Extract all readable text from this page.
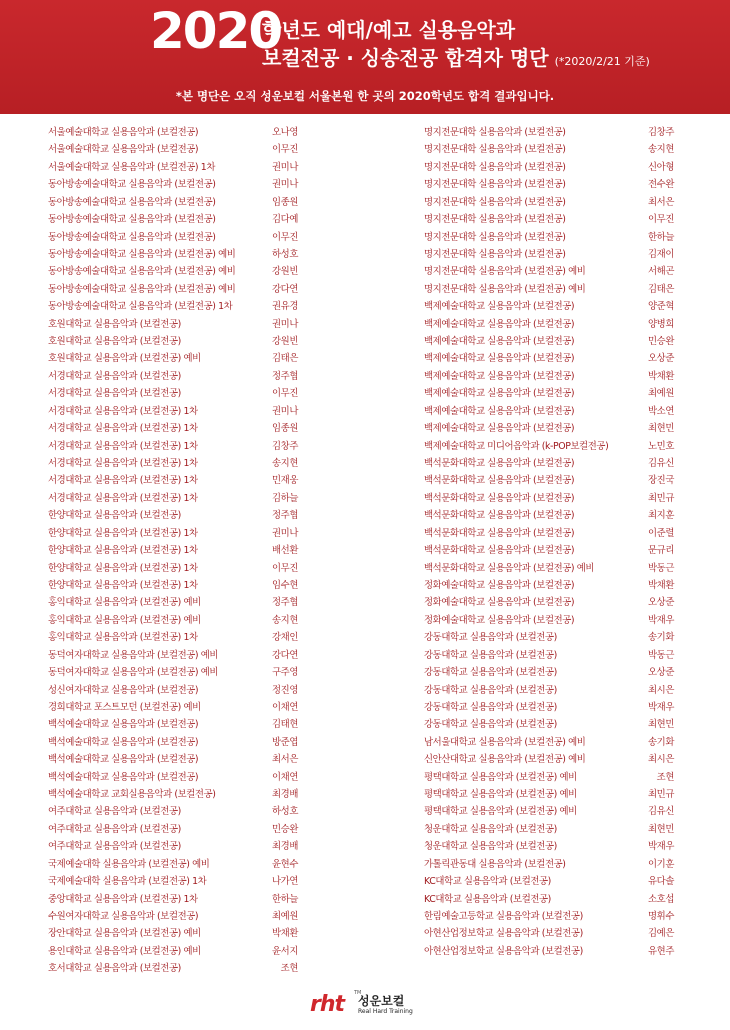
2020
학년도 예대/예고 실용음악과
보컬전공 · 싱송전공 합격자 명단 (*2020/2/21 기준)
*본 명단은 오직 성운보컬 서울본원 한 곳의 2020학년도 합격 결과입니다.
서울예술대학교 실용음악과 (보컬전공)	오나영
서울예술대학교 실용음악과 (보컬전공)	이무진
서울예술대학교 실용음악과 (보컬전공) 1차	권미나
동아방송예술대학교 실용음악과 (보컬전공)	권미나
동아방송예술대학교 실용음악과 (보컬전공)	임종원
동아방송예술대학교 실용음악과 (보컬전공)	김다예
동아방송예술대학교 실용음악과 (보컬전공)	이무진
동아방송예술대학교 실용음악과 (보컬전공) 예비	하성호
동아방송예술대학교 실용음악과 (보컬전공) 예비	강원빈
동아방송예술대학교 실용음악과 (보컬전공) 예비	강다연
동아방송예술대학교 실용음악과 (보컬전공) 1차	권유경
호원대학교 실용음악과 (보컬전공)	권미나
호원대학교 실용음악과 (보컬전공)	강원빈
호원대학교 실용음악과 (보컬전공) 예비	김태은
서경대학교 실용음악과 (보컬전공)	정주협
서경대학교 실용음악과 (보컬전공)	이무진
서경대학교 실용음악과 (보컬전공) 1차	권미나
서경대학교 실용음악과 (보컬전공) 1차	임종원
서경대학교 실용음악과 (보컬전공) 1차	김창주
서경대학교 실용음악과 (보컬전공) 1차	송지현
서경대학교 실용음악과 (보컬전공) 1차	민재웅
서경대학교 실용음악과 (보컬전공) 1차	김하늘
한양대학교 실용음악과 (보컬전공)	정주협
한양대학교 실용음악과 (보컬전공) 1차	권미나
한양대학교 실용음악과 (보컬전공) 1차	배선환
한양대학교 실용음악과 (보컬전공) 1차	이무진
한양대학교 실용음악과 (보컬전공) 1차	임수현
홍익대학교 실용음악과 (보컬전공) 예비	정주협
홍익대학교 실용음악과 (보컬전공) 예비	송지현
홍익대학교 실용음악과 (보컬전공) 1차	강채인
동덕여자대학교 실용음악과 (보컬전공) 예비	강다연
동덕여자대학교 실용음악과 (보컬전공) 예비	구주영
성신여자대학교 실용음악과 (보컬전공)	정진영
경희대학교 포스트모던 (보컬전공) 예비	이채연
백석예술대학교 실용음악과 (보컬전공)	김태현
백석예술대학교 실용음악과 (보컬전공)	방준엽
백석예술대학교 실용음악과 (보컬전공)	최서은
백석예술대학교 실용음악과 (보컬전공)	이채연
백석예술대학교 교회실용음악과 (보컬전공)	최경배
여주대학교 실용음악과 (보컬전공)	하성호
여주대학교 실용음악과 (보컬전공)	민승완
여주대학교 실용음악과 (보컬전공)	최경배
국제예술대학 실용음악과 (보컬전공) 예비	윤현수
국제예술대학 실용음악과 (보컬전공) 1차	나가연
중앙대학교 실용음악과 (보컬전공) 1차	한하늘
수원여자대학교 실용음악과 (보컬전공)	최예원
장안대학교 실용음악과 (보컬전공) 예비	박채환
용인대학교 실용음악과 (보컬전공) 예비	윤서지
호서대학교 실용음악과 (보컬전공)	조현
명지전문대학 실용음악과 (보컬전공)	김창주
명지전문대학 실용음악과 (보컬전공)	송지현
명지전문대학 실용음악과 (보컬전공)	신아형
명지전문대학 실용음악과 (보컬전공)	전수완
명지전문대학 실용음악과 (보컬전공)	최서은
명지전문대학 실용음악과 (보컬전공)	이무진
명지전문대학 실용음악과 (보컬전공)	한하늘
명지전문대학 실용음악과 (보컬전공)	김재이
명지전문대학 실용음악과 (보컬전공) 예비	서해곤
명지전문대학 실용음악과 (보컬전공) 예비	김태은
백제예술대학교 실용음악과 (보컬전공)	양준혁
백제예술대학교 실용음악과 (보컬전공)	양병희
백제예술대학교 실용음악과 (보컬전공)	민승완
백제예술대학교 실용음악과 (보컬전공)	오상준
백제예술대학교 실용음악과 (보컬전공)	박채환
백제예술대학교 실용음악과 (보컬전공)	최예원
백제예술대학교 실용음악과 (보컬전공)	박소연
백제예술대학교 실용음악과 (보컬전공)	최현민
백제예술대학교 미디어음악과 (k-POP보컬전공)	노민호
백석문화대학교 실용음악과 (보컬전공)	김유신
백석문화대학교 실용음악과 (보컬전공)	장진국
백석문화대학교 실용음악과 (보컬전공)	최민규
백석문화대학교 실용음악과 (보컬전공)	최지훈
백석문화대학교 실용음악과 (보컬전공)	이준렬
백석문화대학교 실용음악과 (보컬전공)	문규리
백석문화대학교 실용음악과 (보컬전공) 예비	박동근
정화예술대학교 실용음악과 (보컬전공)	박채환
정화예술대학교 실용음악과 (보컬전공)	오상준
정화예술대학교 실용음악과 (보컬전공)	박재우
강동대학교 실용음악과 (보컬전공)	송기화
강동대학교 실용음악과 (보컬전공)	박동근
강동대학교 실용음악과 (보컬전공)	오상준
강동대학교 실용음악과 (보컬전공)	최시은
강동대학교 실용음악과 (보컬전공)	박재우
강동대학교 실용음악과 (보컬전공)	최현민
남서울대학교 실용음악과 (보컬전공) 예비	송기화
신안산대학교 실용음악과 (보컬전공) 예비	최시은
평택대학교 실용음악과 (보컬전공) 예비	조현
평택대학교 실용음악과 (보컬전공) 예비	최민규
평택대학교 실용음악과 (보컬전공) 예비	김유신
청운대학교 실용음악과 (보컬전공)	최현민
청운대학교 실용음악과 (보컬전공)	박재우
가톨릭관동대 실용음악과 (보컬전공)	이기훈
KC대학교 실용음악과 (보컬전공)	유다솔
KC대학교 실용음악과 (보컬전공)	소호섭
한림예술고등학교 실용음악과 (보컬전공)	명휘수
아현산업정보학교 실용음악과 (보컬전공)	김예은
아현산업정보학교 실용음악과 (보컬전공)	유현주
rht TM
성운보컬
Real Hard Training
